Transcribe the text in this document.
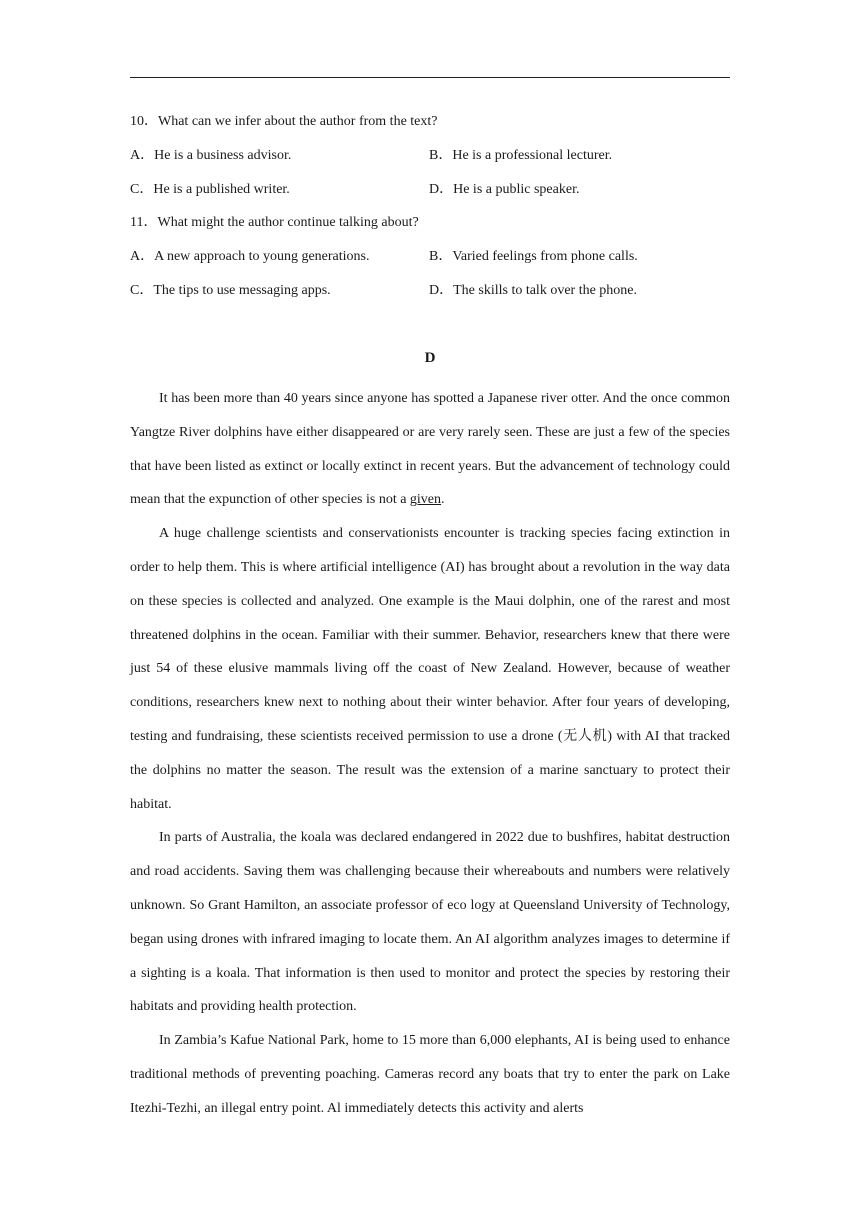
10．What can we infer about the author from the text?
A．He is a business advisor.	B．He is a professional lecturer.
C．He is a published writer.	D．He is a public speaker.
11．What might the author continue talking about?
A．A new approach to young generations.	B．Varied feelings from phone calls.
C．The tips to use messaging apps.	D．The skills to talk over the phone.
D

It has been more than 40 years since anyone has spotted a Japanese river otter. And the once common Yangtze River dolphins have either disappeared or are very rarely seen. These are just a few of the species that have been listed as extinct or locally extinct in recent years. But the advancement of technology could mean that the expunction of other species is not a given.

A huge challenge scientists and conservationists encounter is tracking species facing extinction in order to help them. This is where artificial intelligence (AI) has brought about a revolution in the way data on these species is collected and analyzed. One example is the Maui dolphin, one of the rarest and most threatened dolphins in the ocean. Familiar with their summer. Behavior, researchers knew that there were just 54 of these elusive mammals living off the coast of New Zealand. However, because of weather conditions, researchers knew next to nothing about their winter behavior. After four years of developing, testing and fundraising, these scientists received permission to use a drone (无人机) with AI that tracked the dolphins no matter the season. The result was the extension of a marine sanctuary to protect their habitat.

In parts of Australia, the koala was declared endangered in 2022 due to bushfires, habitat destruction and road accidents. Saving them was challenging because their whereabouts and numbers were relatively unknown. So Grant Hamilton, an associate professor of eco logy at Queensland University of Technology, began using drones with infrared imaging to locate them. An AI algorithm analyzes images to determine if a sighting is a koala. That information is then used to monitor and protect the species by restoring their habitats and providing health protection.

In Zambia’s Kafue National Park, home to 15 more than 6,000 elephants, AI is being used to enhance traditional methods of preventing poaching. Cameras record any boats that try to enter the park on Lake Itezhi-Tezhi, an illegal entry point. Al immediately detects this activity and alerts
